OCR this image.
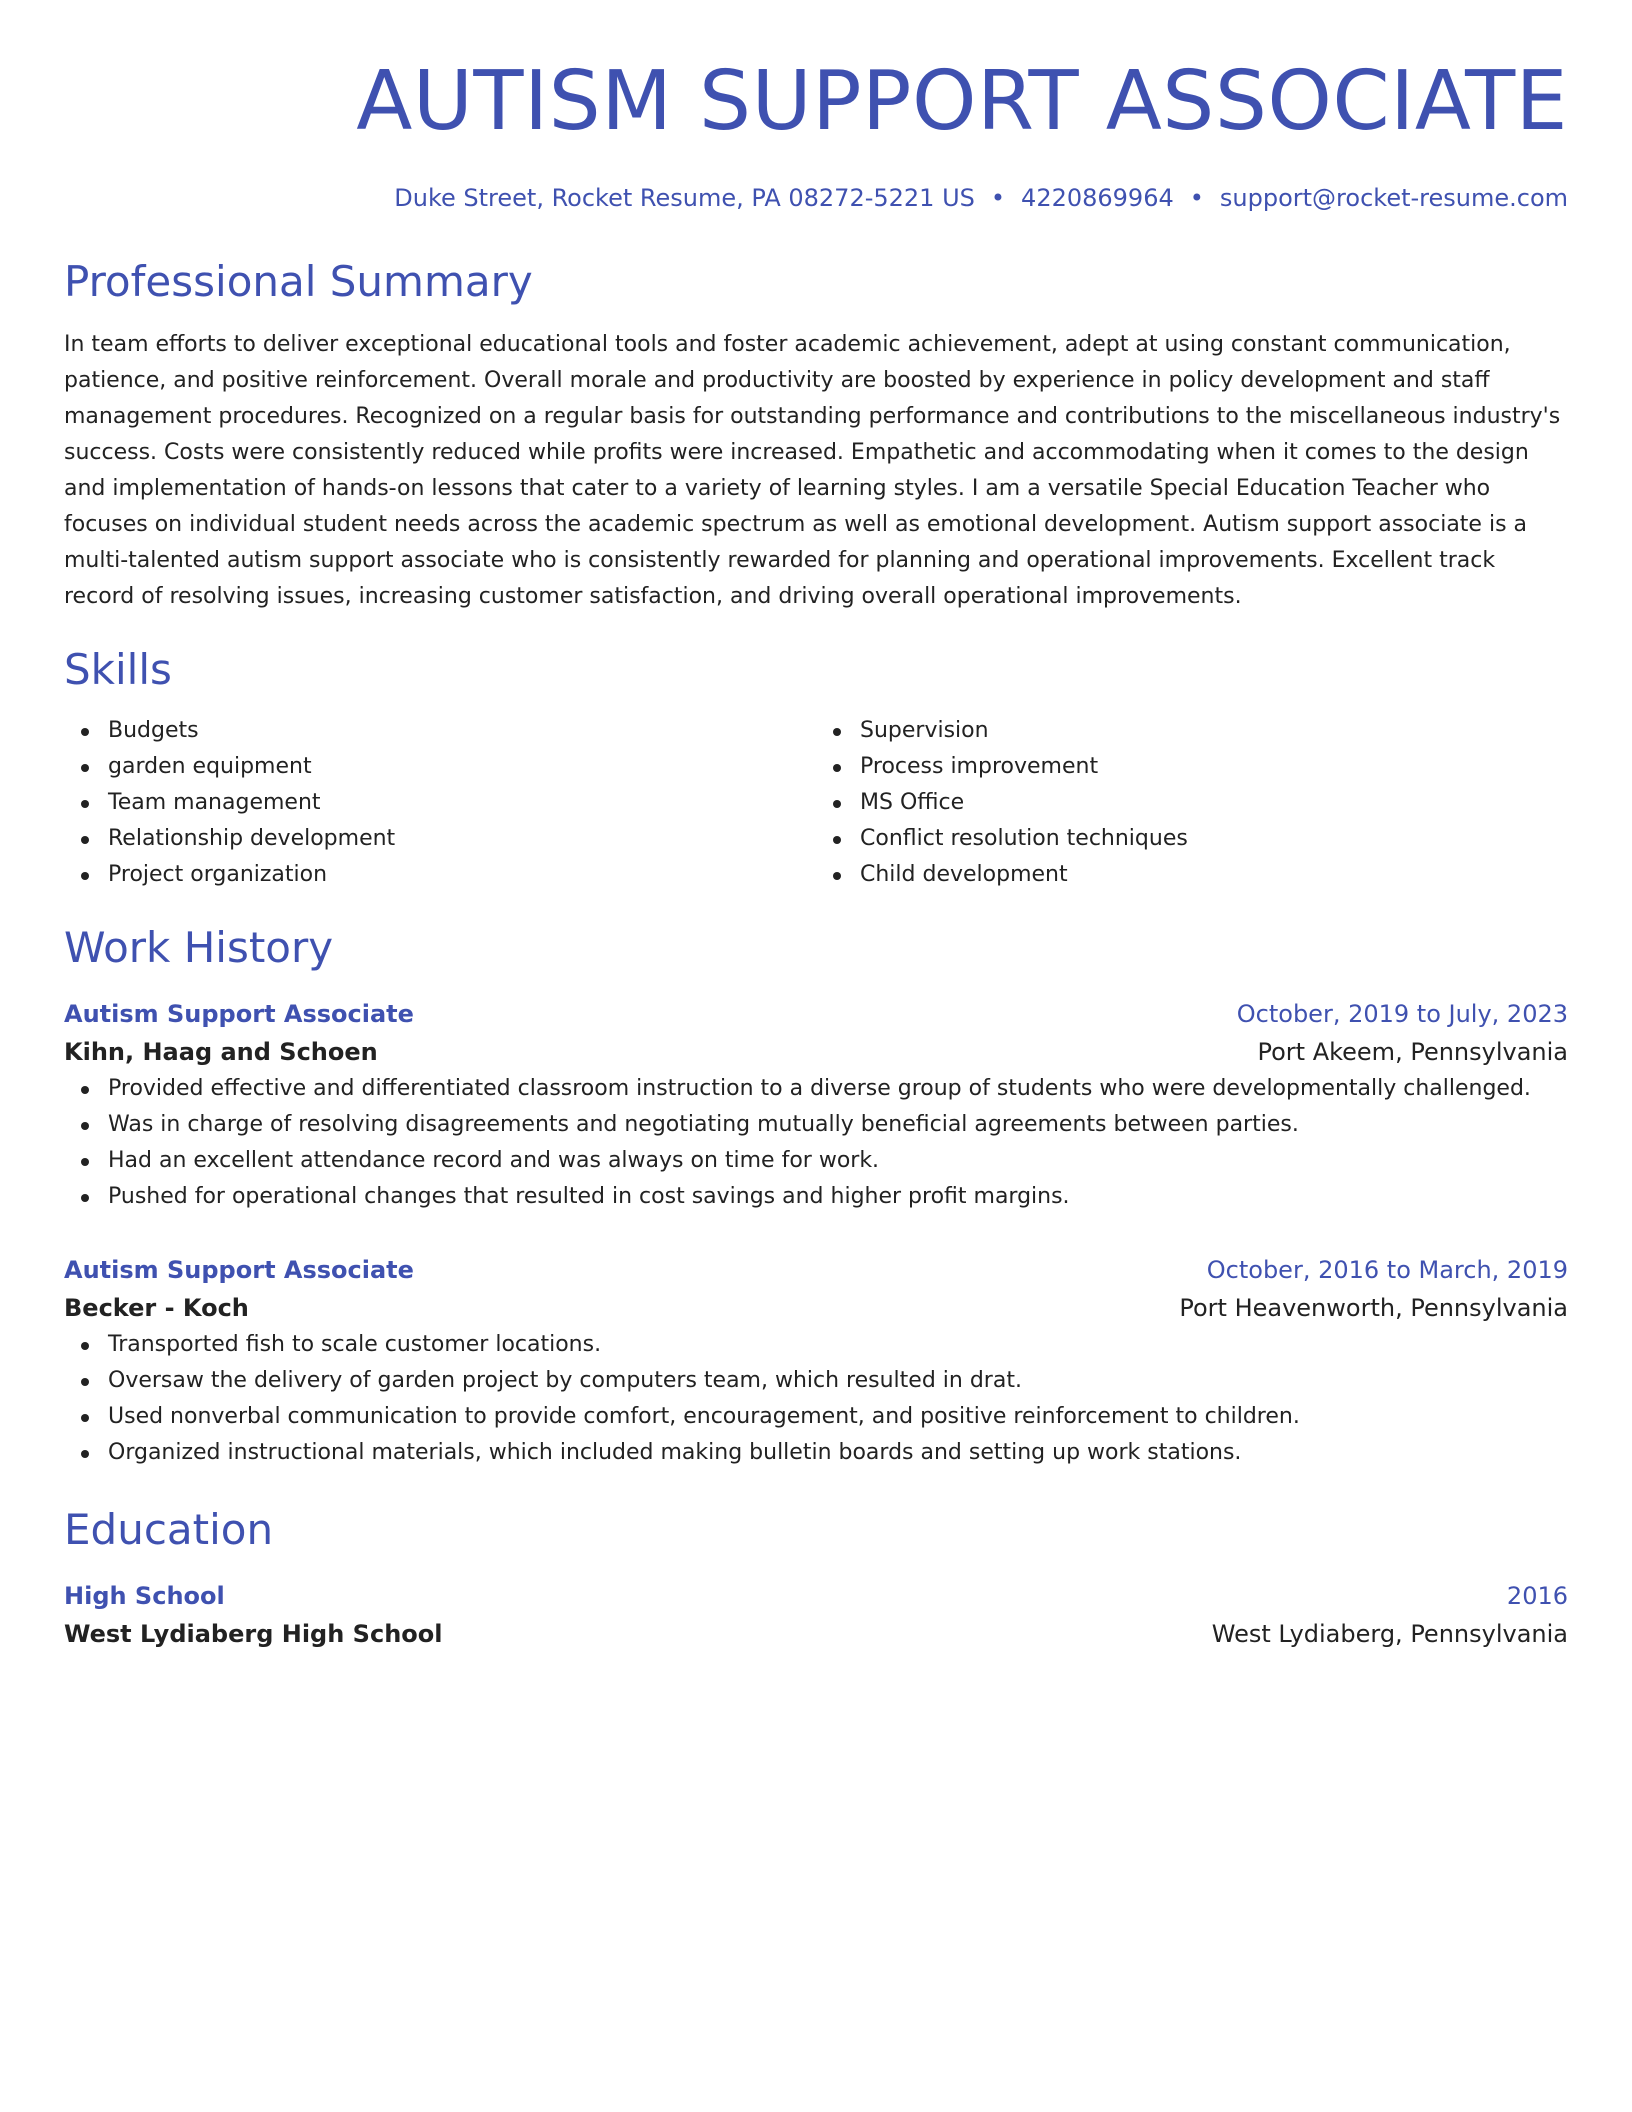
AUTISM SUPPORT ASSOCIATE
Duke Street, Rocket Resume, PA 08272-5221 US • 4220869964 • support@rocket-resume.com
Professional Summary

In team efforts to deliver exceptional educational tools and foster academic achievement, adept at using constant communication, patience, and positive reinforcement. Overall morale and productivity are boosted by experience in policy development and staff management procedures. Recognized on a regular basis for outstanding performance and contributions to the miscellaneous industry's success. Costs were consistently reduced while profits were increased. Empathetic and accommodating when it comes to the design and implementation of hands-on lessons that cater to a variety of learning styles. I am a versatile Special Education Teacher who focuses on individual student needs across the academic spectrum as well as emotional development. Autism support associate is a multi-talented autism support associate who is consistently rewarded for planning and operational improvements. Excellent track record of resolving issues, increasing customer satisfaction, and driving overall operational improvements.

Skills
Budgets
garden equipment
Team management
Relationship development
Project organization
Supervision
Process improvement
MS Office
Conflict resolution techniques
Child development
Work History
Autism Support Associate	October, 2019 to July, 2023
Kihn, Haag and Schoen	Port Akeem, Pennsylvania
Provided effective and differentiated classroom instruction to a diverse group of students who were developmentally challenged.
Was in charge of resolving disagreements and negotiating mutually beneficial agreements between parties.
Had an excellent attendance record and was always on time for work.
Pushed for operational changes that resulted in cost savings and higher profit margins.
Autism Support Associate	October, 2016 to March, 2019
Becker - Koch	Port Heavenworth, Pennsylvania
Transported fish to scale customer locations.
Oversaw the delivery of garden project by computers team, which resulted in drat.
Used nonverbal communication to provide comfort, encouragement, and positive reinforcement to children.
Organized instructional materials, which included making bulletin boards and setting up work stations.
Education
High School	2016
West Lydiaberg High School	West Lydiaberg, Pennsylvania
